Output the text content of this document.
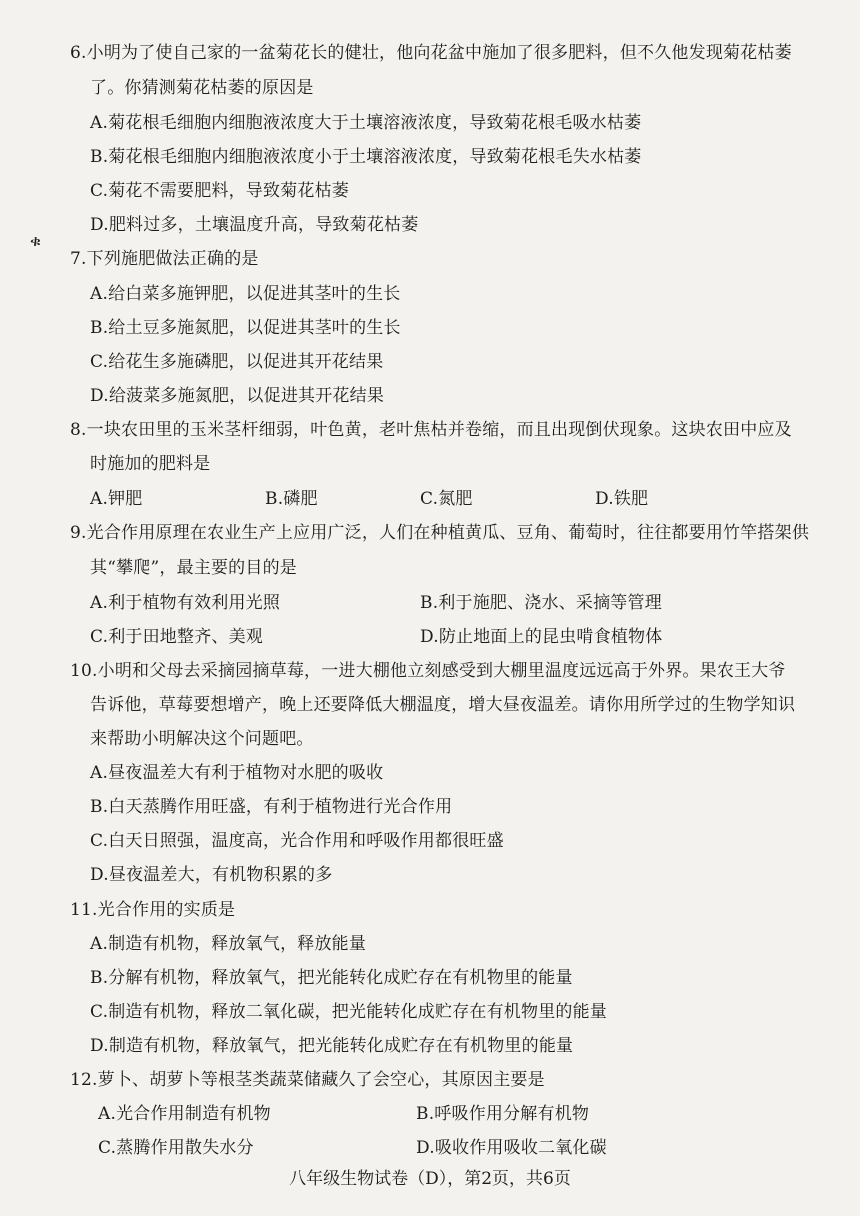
ቁ
6.小明为了使自己家的一盆菊花长的健壮，他向花盆中施加了很多肥料，但不久他发现菊花枯萎
了。你猜测菊花枯萎的原因是
A.菊花根毛细胞内细胞液浓度大于土壤溶液浓度，导致菊花根毛吸水枯萎
B.菊花根毛细胞内细胞液浓度小于土壤溶液浓度，导致菊花根毛失水枯萎
C.菊花不需要肥料，导致菊花枯萎
D.肥料过多，土壤温度升高，导致菊花枯萎
7.下列施肥做法正确的是
A.给白菜多施钾肥，以促进其茎叶的生长
B.给土豆多施氮肥，以促进其茎叶的生长
C.给花生多施磷肥，以促进其开花结果
D.给菠菜多施氮肥，以促进其开花结果
8.一块农田里的玉米茎杆细弱，叶色黄，老叶焦枯并卷缩，而且出现倒伏现象。这块农田中应及
时施加的肥料是
A.钾肥	B.磷肥	C.氮肥	D.铁肥
9.光合作用原理在农业生产上应用广泛，人们在种植黄瓜、豆角、葡萄时，往往都要用竹竿搭架供
其“攀爬”，最主要的目的是
A.利于植物有效利用光照	B.利于施肥、浇水、采摘等管理
C.利于田地整齐、美观	D.防止地面上的昆虫啃食植物体
10.小明和父母去采摘园摘草莓，一进大棚他立刻感受到大棚里温度远远高于外界。果农王大爷
告诉他，草莓要想增产，晚上还要降低大棚温度，增大昼夜温差。请你用所学过的生物学知识
来帮助小明解决这个问题吧。
A.昼夜温差大有利于植物对水肥的吸收
B.白天蒸腾作用旺盛，有利于植物进行光合作用
C.白天日照强，温度高，光合作用和呼吸作用都很旺盛
D.昼夜温差大，有机物积累的多
11.光合作用的实质是
A.制造有机物，释放氧气，释放能量
B.分解有机物，释放氧气，把光能转化成贮存在有机物里的能量
C.制造有机物，释放二氧化碳，把光能转化成贮存在有机物里的能量
D.制造有机物，释放氧气，把光能转化成贮存在有机物里的能量
12.萝卜、胡萝卜等根茎类蔬菜储藏久了会空心，其原因主要是
A.光合作用制造有机物	B.呼吸作用分解有机物
C.蒸腾作用散失水分	D.吸收作用吸收二氧化碳
八年级生物试卷（D），第2页，共6页
